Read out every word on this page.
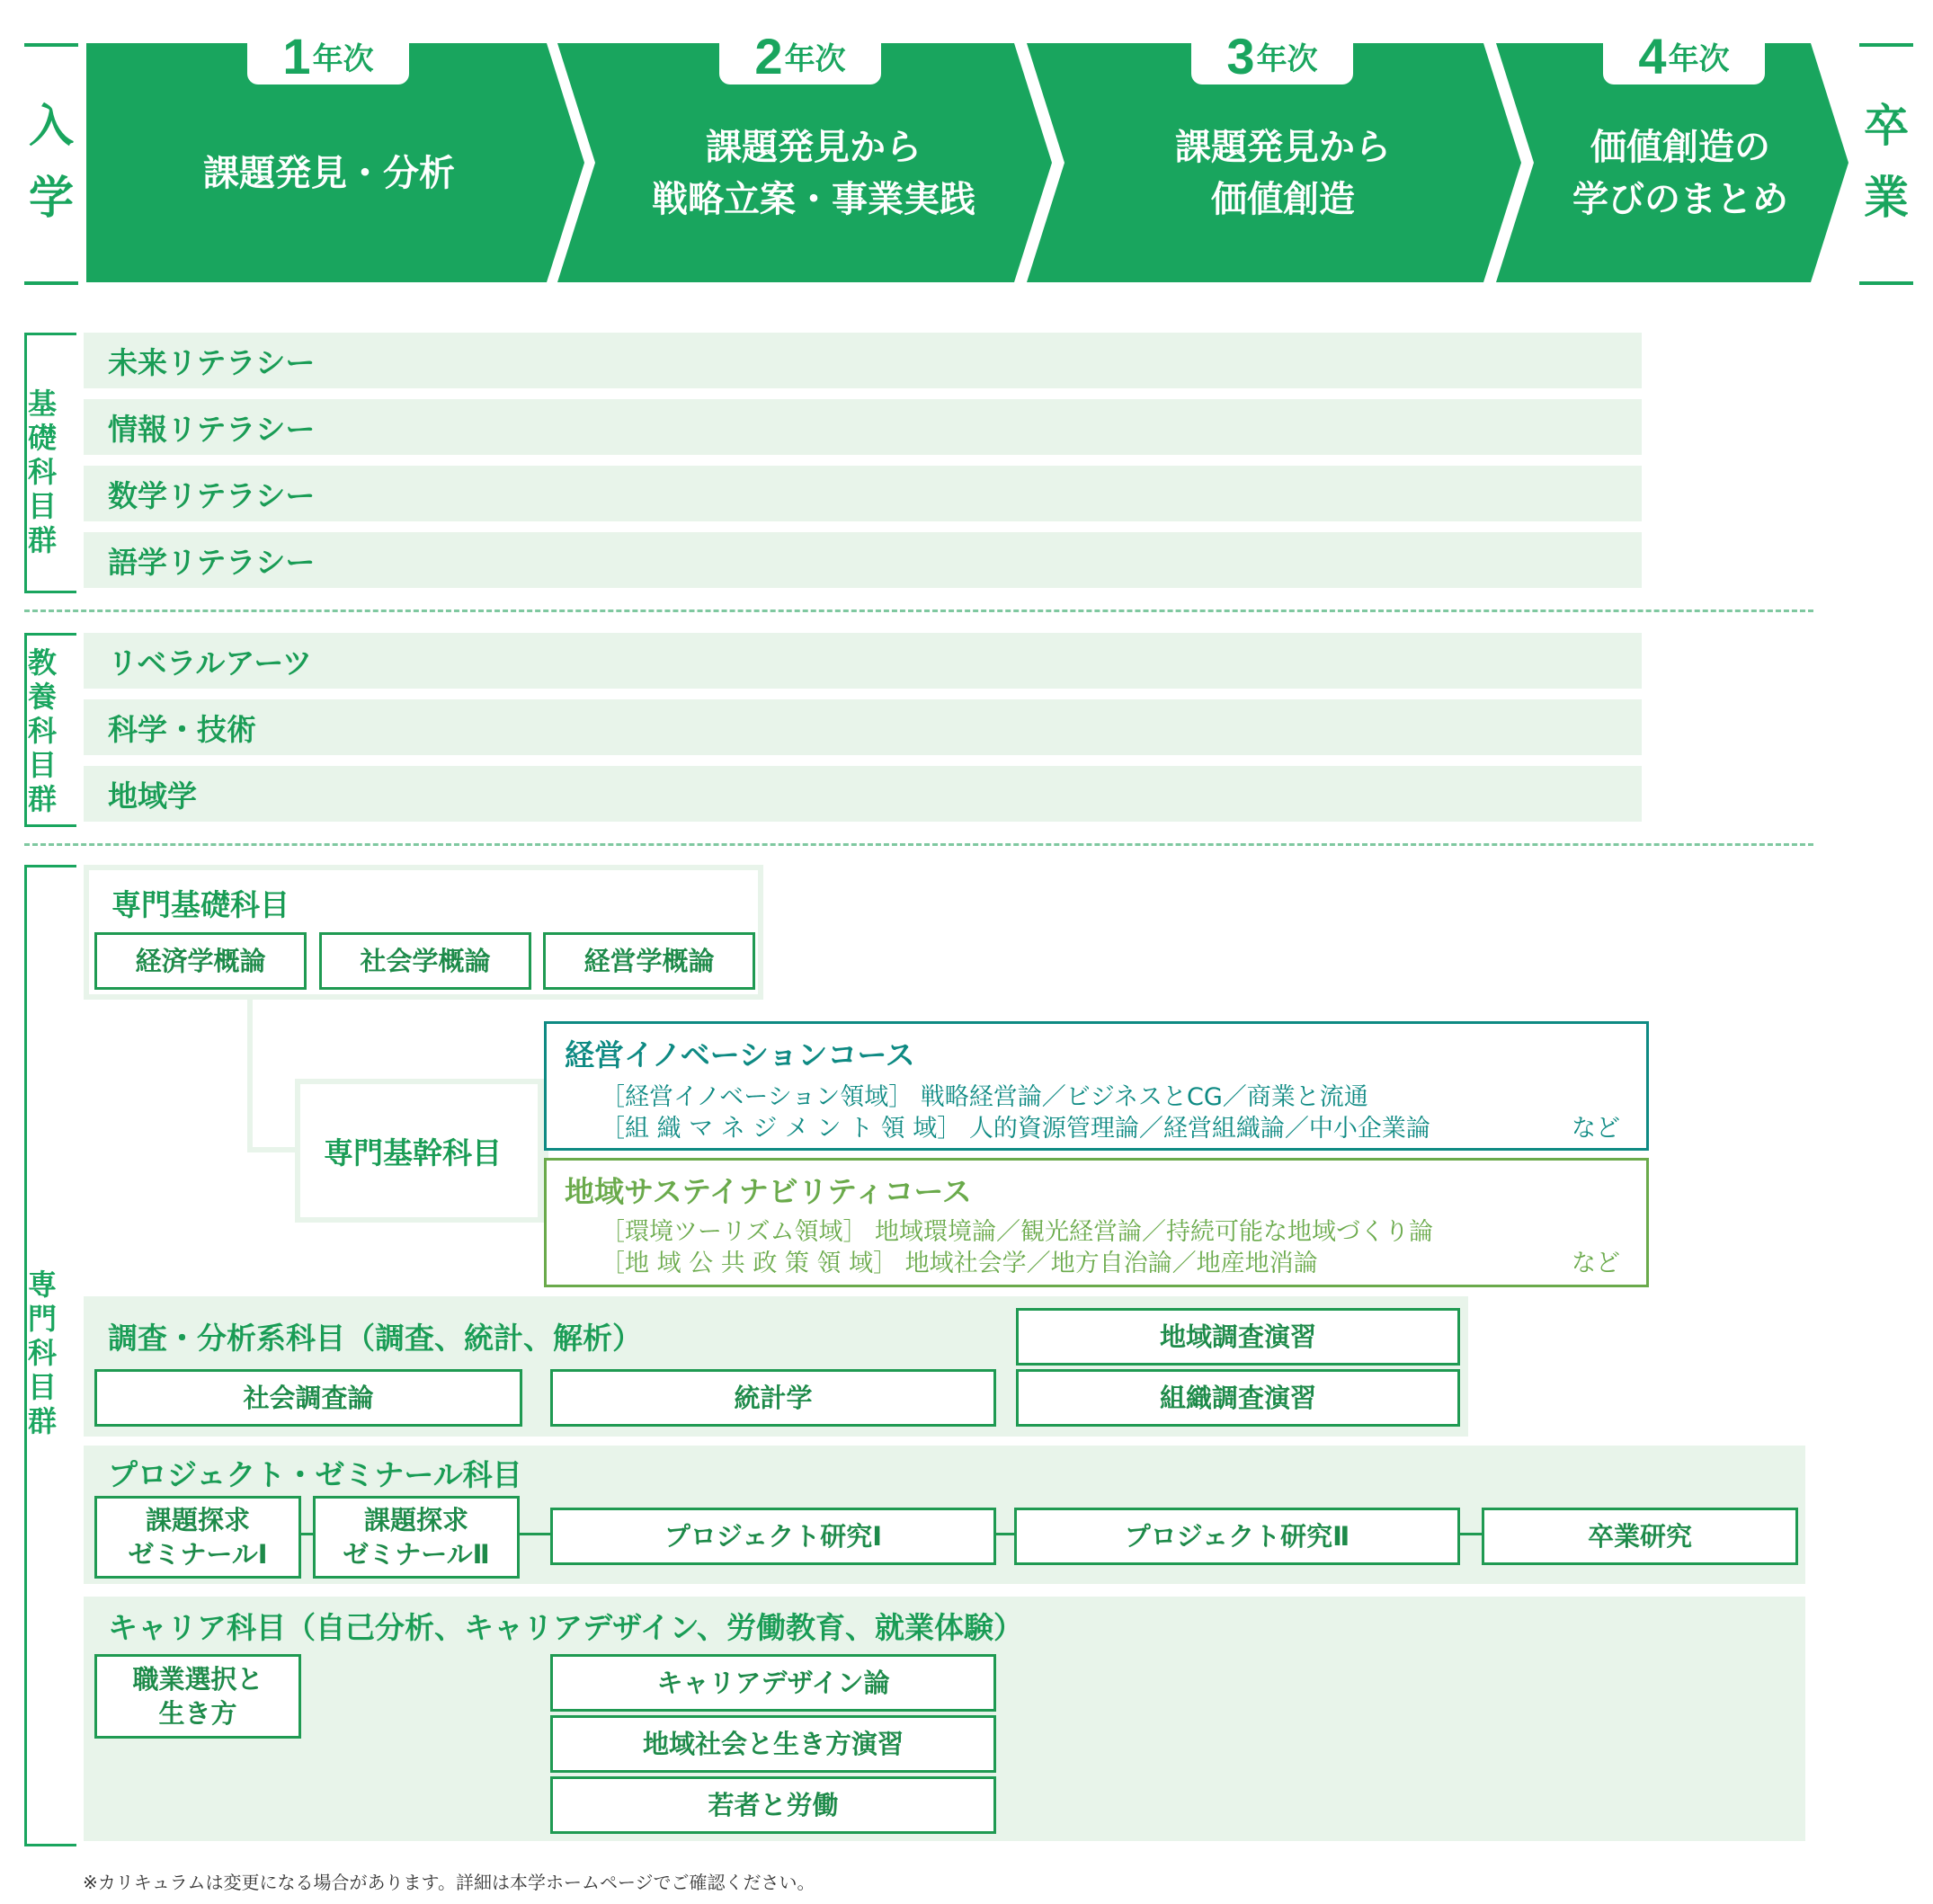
入
学
1 年次	2 年次	3 年次	4 年次
課題発見・分析
課題発見から
戦略立案・事業実践
課題発見から
価値創造
価値創造の
学びのまとめ
卒
業
基
礎
科
目
群
未来リテラシー
情報リテラシー
数学リテラシー
語学リテラシー
教
養
科
目
群
リベラルアーツ
科学・技術
地域学
専
門
科
目
群
専門基礎科目
経済学概論	社会学概論	経営学概論
専門基幹科目
経営イノベーションコース
［経営イノベーション領域］ 戦略経営論／ビジネスとCG／商業と流通
［組 織 マ ネ ジ メ ン ト 領 域］ 人的資源管理論／経営組織論／中小企業論	など
地域サステイナビリティコース
［環境ツーリズム領域］ 地域環境論／観光経営論／持続可能な地域づくり論
［地 域 公 共 政 策 領 域］ 地域社会学／地方自治論／地産地消論	など
調査・分析系科目（調査、統計、解析）
社会調査論	統計学
地域調査演習
組織調査演習
プロジェクト・ゼミナール科目
課題探求
ゼミナールⅠ
課題探求
ゼミナールⅡ
プロジェクト研究Ⅰ	プロジェクト研究Ⅱ	卒業研究
キャリア科目（自己分析、キャリアデザイン、労働教育、就業体験）
職業選択と
生き方
キャリアデザイン論
地域社会と生き方演習
若者と労働
※カリキュラムは変更になる場合があります。詳細は本学ホームページでご確認ください。
